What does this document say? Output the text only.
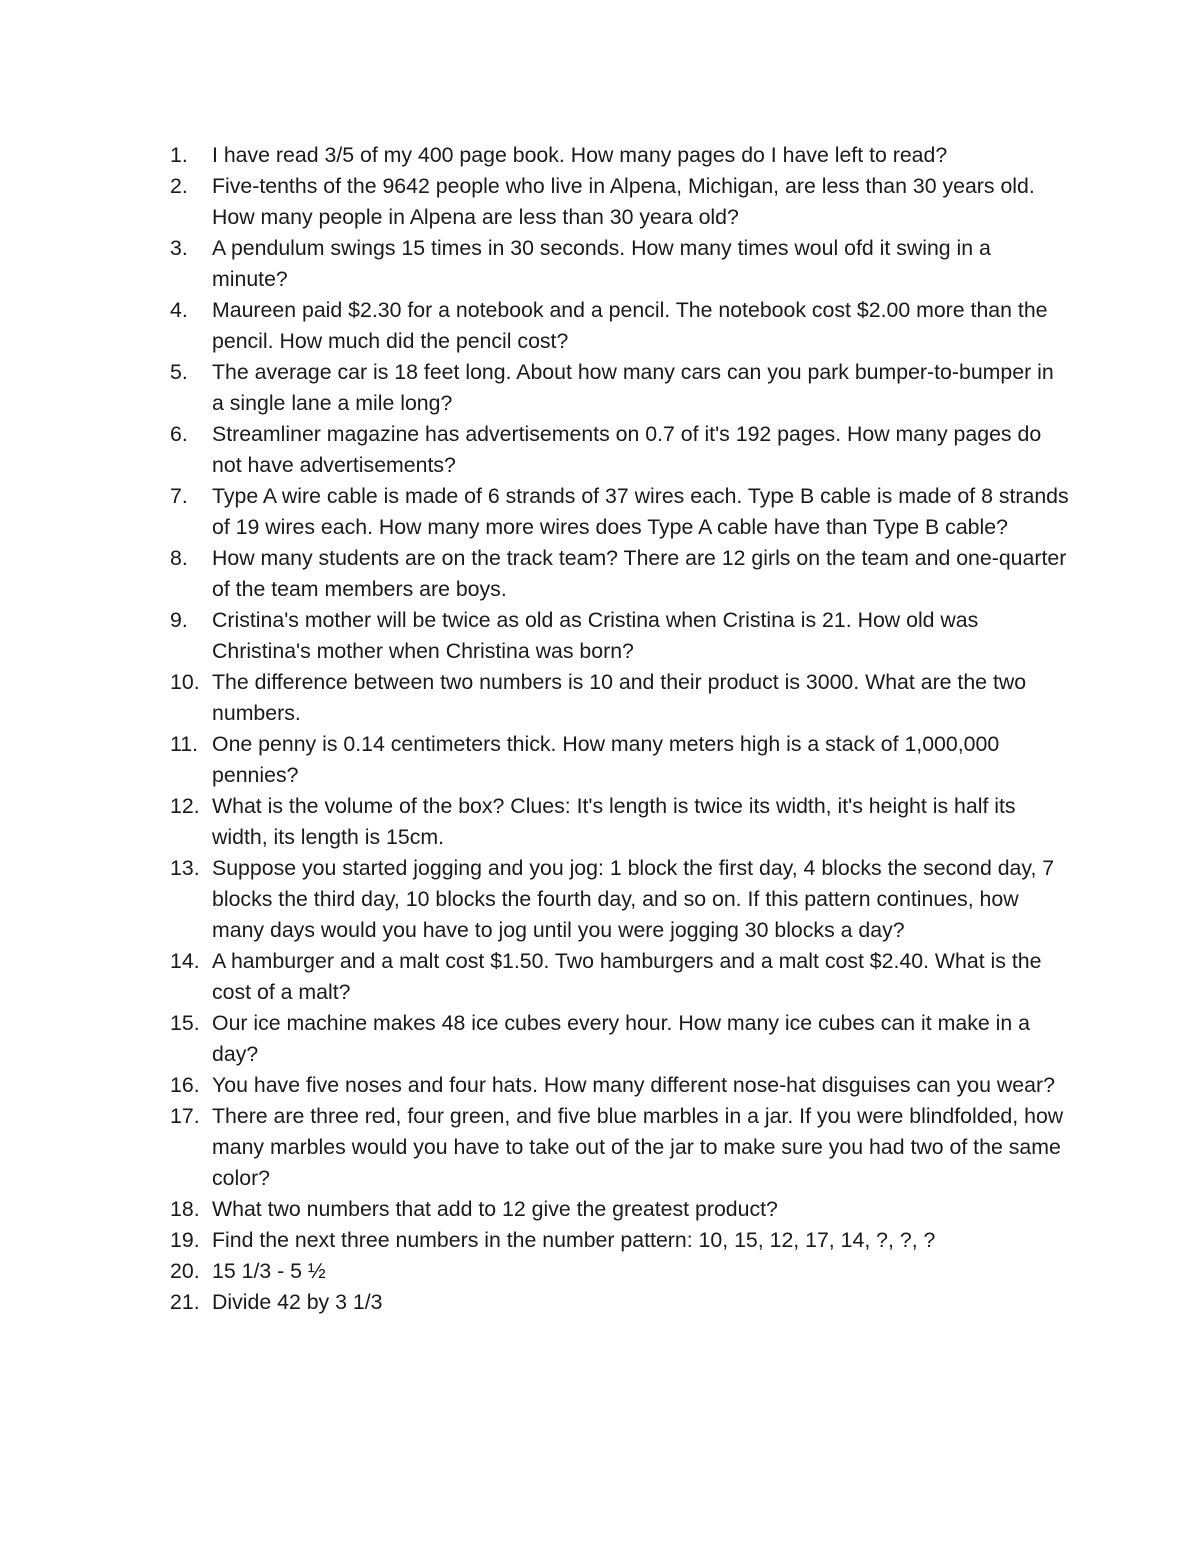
1.	I have read 3/5 of my 400 page book. How many pages do I have left to read?
2.	Five-tenths of the 9642 people who live in Alpena, Michigan, are less than 30 years old. How many people in Alpena are less than 30 yeara old?
3.	A pendulum swings 15 times in 30 seconds. How many times woul ofd it swing in a minute?
4.	Maureen paid $2.30 for a notebook and a pencil. The notebook cost $2.00 more than the pencil. How much did the pencil cost?
5.	The average car is 18 feet long. About how many cars can you park bumper-to-bumper in a single lane a mile long?
6.	Streamliner magazine has advertisements on 0.7 of it's 192 pages. How many pages do not have advertisements?
7.	Type A wire cable is made of 6 strands of 37 wires each. Type B cable is made of 8 strands of 19 wires each. How many more wires does Type A cable have than Type B cable?
8.	How many students are on the track team? There are 12 girls on the team and one-quarter of the team members are boys.
9.	Cristina's mother will be twice as old as Cristina when Cristina is 21. How old was Christina's mother when Christina was born?
10. The difference between two numbers is 10 and their product is 3000. What are the two numbers.
11. One penny is 0.14 centimeters thick. How many meters high is a stack of 1,000,000 pennies?
12. What is the volume of the box? Clues: It's length is twice its width, it's height is half its width, its length is 15cm.
13. Suppose you started jogging and you jog: 1 block the first day, 4 blocks the second day, 7 blocks the third day, 10 blocks the fourth day, and so on. If this pattern continues, how many days would you have to jog until you were jogging 30 blocks a day?
14. A hamburger and a malt cost $1.50. Two hamburgers and a malt cost $2.40. What is the cost of a malt?
15. Our ice machine makes 48 ice cubes every hour. How many ice cubes can it make in a day?
16. You have five noses and four hats. How many different nose-hat disguises can you wear?
17. There are three red, four green, and five blue marbles in a jar. If you were blindfolded, how many marbles would you have to take out of the jar to make sure you had two of the same color?
18. What two numbers that add to 12 give the greatest product?
19. Find the next three numbers in the number pattern: 10, 15, 12, 17, 14, ?, ?, ?
20. 15 1/3 - 5 ½
21. Divide 42 by 3 1/3
